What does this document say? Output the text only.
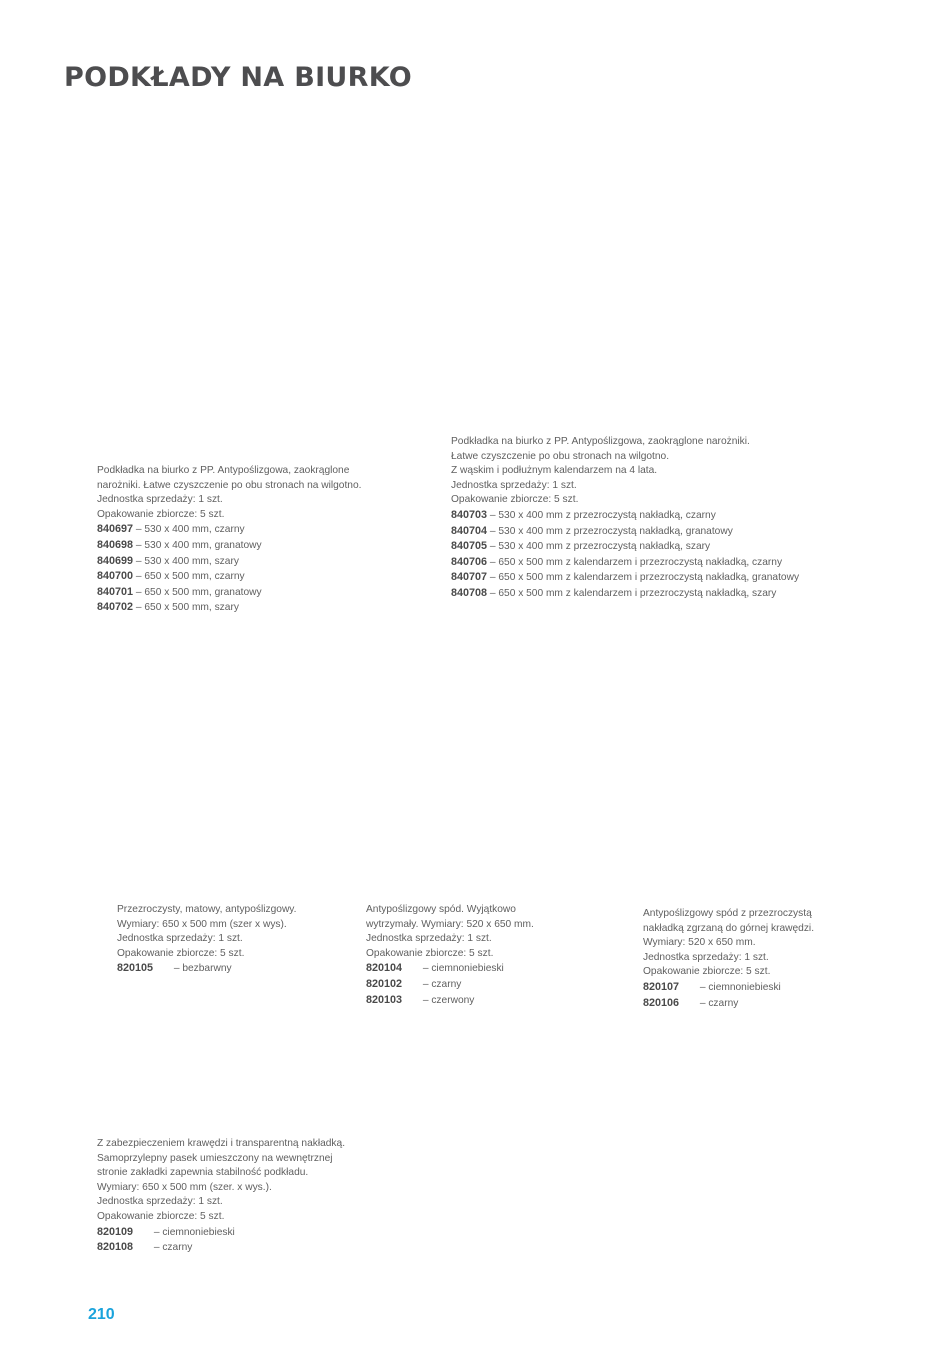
PODKŁADY NA BIURKO
Podkładka na biurko z PP. Antypoślizgowa, zaokrąglone
narożniki. Łatwe czyszczenie po obu stronach na wilgotno.
Jednostka sprzedaży: 1 szt.
Opakowanie zbiorcze: 5 szt.
840697 – 530 x 400 mm, czarny
840698 – 530 x 400 mm, granatowy
840699 – 530 x 400 mm, szary
840700 – 650 x 500 mm, czarny
840701 – 650 x 500 mm, granatowy
840702 – 650 x 500 mm, szary
Podkładka na biurko z PP. Antypoślizgowa, zaokrąglone narożniki.
Łatwe czyszczenie po obu stronach na wilgotno.
Z wąskim i podłużnym kalendarzem na 4 lata.
Jednostka sprzedaży: 1 szt.
Opakowanie zbiorcze: 5 szt.
840703 – 530 x 400 mm z przezroczystą nakładką, czarny
840704 – 530 x 400 mm z przezroczystą nakładką, granatowy
840705 – 530 x 400 mm z przezroczystą nakładką, szary
840706 – 650 x 500 mm z kalendarzem i przezroczystą nakładką, czarny
840707 – 650 x 500 mm z kalendarzem i przezroczystą nakładką, granatowy
840708 – 650 x 500 mm z kalendarzem i przezroczystą nakładką, szary
Przezroczysty, matowy, antypoślizgowy.
Wymiary: 650 x 500 mm (szer x wys).
Jednostka sprzedaży: 1 szt.
Opakowanie zbiorcze: 5 szt.
820105 – bezbarwny
Antypoślizgowy spód. Wyjątkowo
wytrzymały. Wymiary: 520 x 650 mm.
Jednostka sprzedaży: 1 szt.
Opakowanie zbiorcze: 5 szt.
820104 – ciemnoniebieski
820102 – czarny
820103 – czerwony
Antypoślizgowy spód z przezroczystą
nakładką zgrzaną do górnej krawędzi.
Wymiary: 520 x 650 mm.
Jednostka sprzedaży: 1 szt.
Opakowanie zbiorcze: 5 szt.
820107 – ciemnoniebieski
820106 – czarny
Z zabezpieczeniem krawędzi i transparentną nakładką.
Samoprzylepny pasek umieszczony na wewnętrznej
stronie zakładki zapewnia stabilność podkładu.
Wymiary: 650 x 500 mm (szer. x wys.).
Jednostka sprzedaży: 1 szt.
Opakowanie zbiorcze: 5 szt.
820109 – ciemnoniebieski
820108 – czarny
210
